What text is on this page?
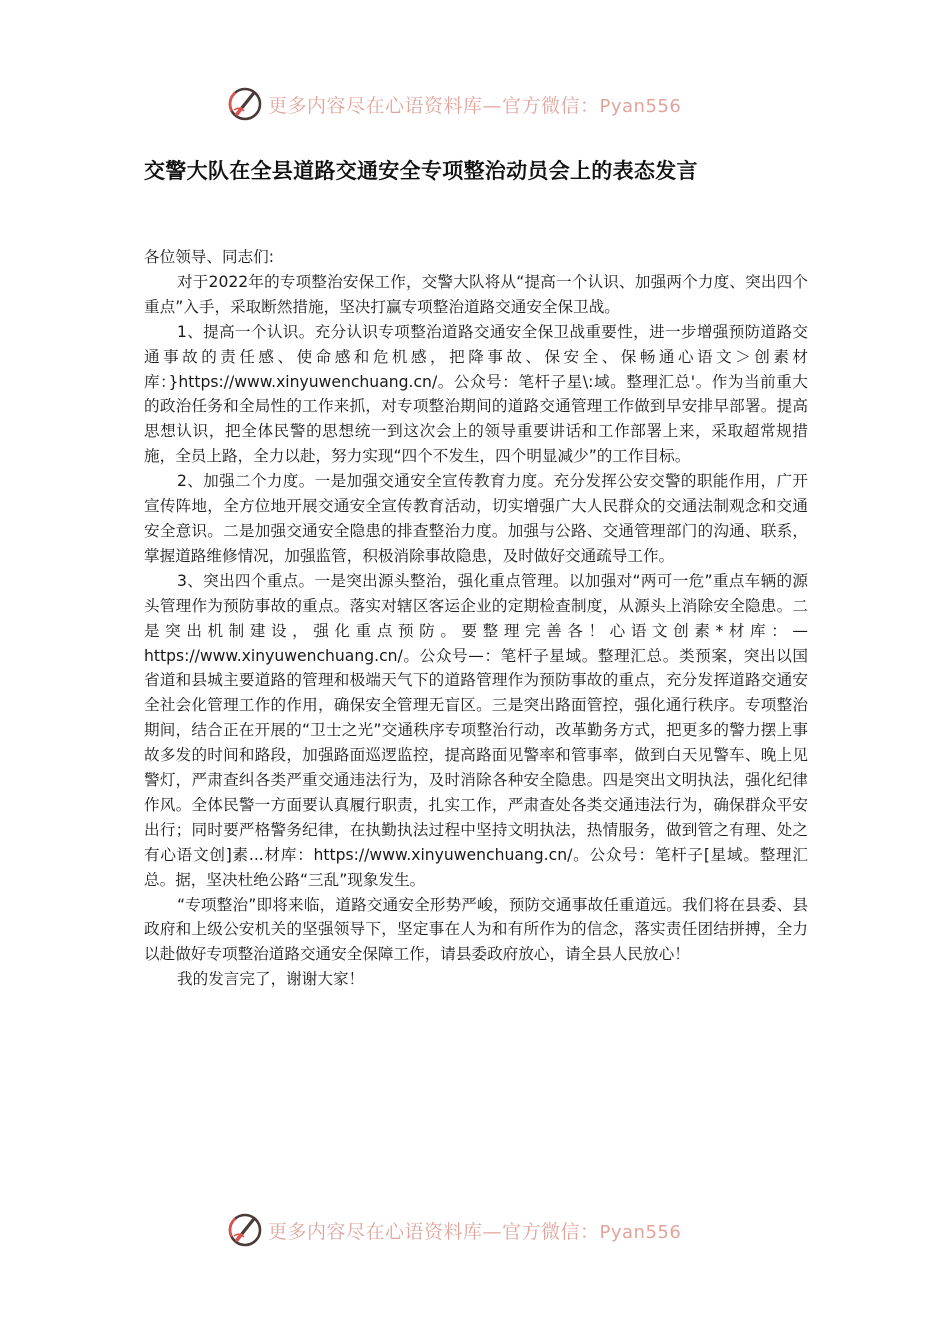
更多内容尽在心语资料库—官方微信：Pyan556
交警大队在全县道路交通安全专项整治动员会上的表态发言

各位领导、同志们:

对于2022年的专项整治安保工作，交警大队将从“提高一个认识、加强两个力度、突出四个重点”入手，采取断然措施，坚决打赢专项整治道路交通安全保卫战。

1、提高一个认识。充分认识专项整治道路交通安全保卫战重要性，进一步增强预防道路交通事故的责任感、使命感和危机感，把降事故、保安全、保畅通心语文＞创素材库：}https://www.xinyuwenchuang.cn/。公众号：笔杆子星\:域。整理汇总'。作为当前重大的政治任务和全局性的工作来抓，对专项整治期间的道路交通管理工作做到早安排早部署。提高思想认识，把全体民警的思想统一到这次会上的领导重要讲话和工作部署上来，采取超常规措施，全员上路，全力以赴，努力实现“四个不发生，四个明显减少”的工作目标。

2、加强二个力度。一是加强交通安全宣传教育力度。充分发挥公安交警的职能作用，广开宣传阵地，全方位地开展交通安全宣传教育活动，切实增强广大人民群众的交通法制观念和交通安全意识。二是加强交通安全隐患的排查整治力度。加强与公路、交通管理部门的沟通、联系，掌握道路维修情况，加强监管，积极消除事故隐患，及时做好交通疏导工作。

3、突出四个重点。一是突出源头整治，强化重点管理。以加强对“两可一危”重点车辆的源头管理作为预防事故的重点。落实对辖区客运企业的定期检查制度，从源头上消除安全隐患。二是突出机制建设，强化重点预防。要整理完善各！心语文创素*材库：—https://www.xinyuwenchuang.cn/。公众号—：笔杆子星域。整理汇总。类预案，突出以国省道和县城主要道路的管理和极端天气下的道路管理作为预防事故的重点，充分发挥道路交通安全社会化管理工作的作用，确保安全管理无盲区。三是突出路面管控，强化通行秩序。专项整治期间，结合正在开展的“卫士之光”交通秩序专项整治行动，改革勤务方式，把更多的警力摆上事故多发的时间和路段，加强路面巡逻监控，提高路面见警率和管事率，做到白天见警车、晚上见警灯，严肃查纠各类严重交通违法行为，及时消除各种安全隐患。四是突出文明执法，强化纪律作风。全体民警一方面要认真履行职责，扎实工作，严肃查处各类交通违法行为，确保群众平安出行；同时要严格警务纪律，在执勤执法过程中坚持文明执法，热情服务，做到管之有理、处之有心语文创]素...材库：https://www.xinyuwenchuang.cn/。公众号：笔杆子[星域。整理汇总。据，坚决杜绝公路“三乱”现象发生。

“专项整治”即将来临，道路交通安全形势严峻，预防交通事故任重道远。我们将在县委、县政府和上级公安机关的坚强领导下，坚定事在人为和有所作为的信念，落实责任团结拼搏，全力以赴做好专项整治道路交通安全保障工作，请县委政府放心，请全县人民放心！

我的发言完了，谢谢大家！

更多内容尽在心语资料库—官方微信：Pyan556
